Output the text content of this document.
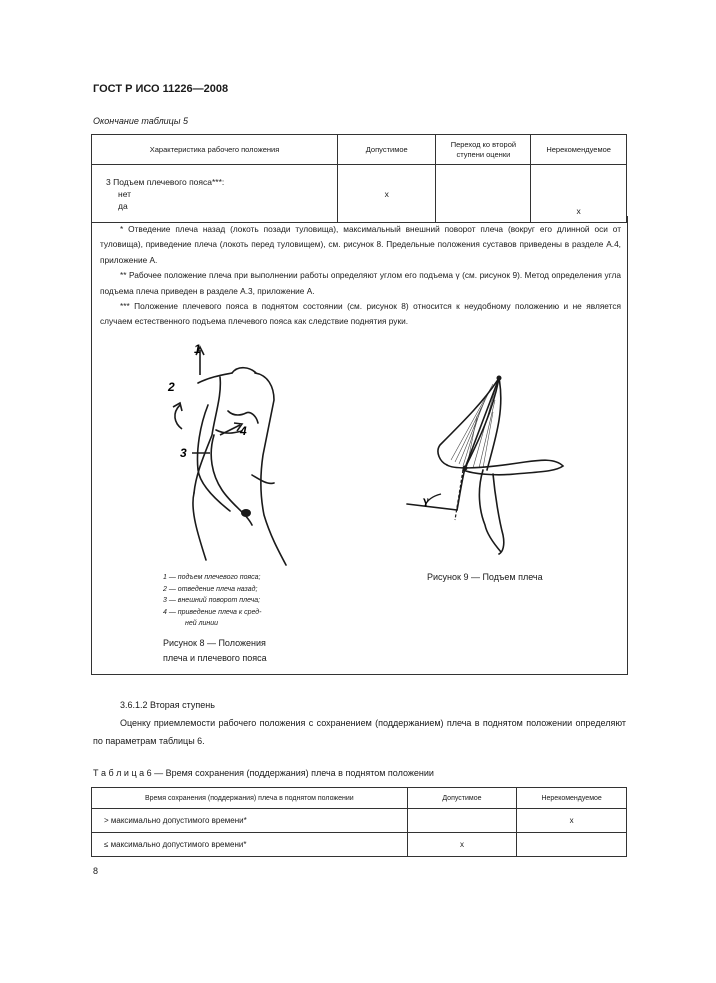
ГОСТ Р ИСО 11226—2008
Окончание таблицы 5
Характеристика рабочего положения	Допустимое	Переход ко второй ступени оценки	Нерекомендуемое

3 Подъем плечевого пояса***:
нет
да	x		x

* Отведение плеча назад (локоть позади туловища), максимальный внешний поворот плеча (вокруг его длинной оси от туловища), приведение плеча (локоть перед туловищем), см. рисунок 8. Предельные положения суставов приведены в разделе А.4, приложение А.

** Рабочее положение плеча при выполнении работы определяют углом его подъема γ (см. рисунок 9). Метод определения угла подъема плеча приведен в разделе А.3, приложение А.

*** Положение плечевого пояса в поднятом состоянии (см. рисунок 8) относится к неудобному положению и не является случаем естественного подъема плечевого пояса как следствие поднятия руки.

1
2
3
4
1 — подъем плечевого пояса;
2 — отведение плеча назад;
3 — внешний поворот плеча;
4 — приведение плеча к сред-
ней линии
Рисунок 8 — Положения
плеча и плечевого пояса
γ
Рисунок 9 — Подъем плеча
3.6.1.2 Вторая ступень

Оценку приемлемости рабочего положения с сохранением (поддержанием) плеча в поднятом положении определяют по параметрам таблицы 6.

Т а б л и ц а 6 — Время сохранения (поддержания) плеча в поднятом положении
Время сохранения (поддержания) плеча в поднятом положении	Допустимое	Нерекомендуемое
> максимально допустимого времени*		x
≤ максимально допустимого времени*	x	
8
